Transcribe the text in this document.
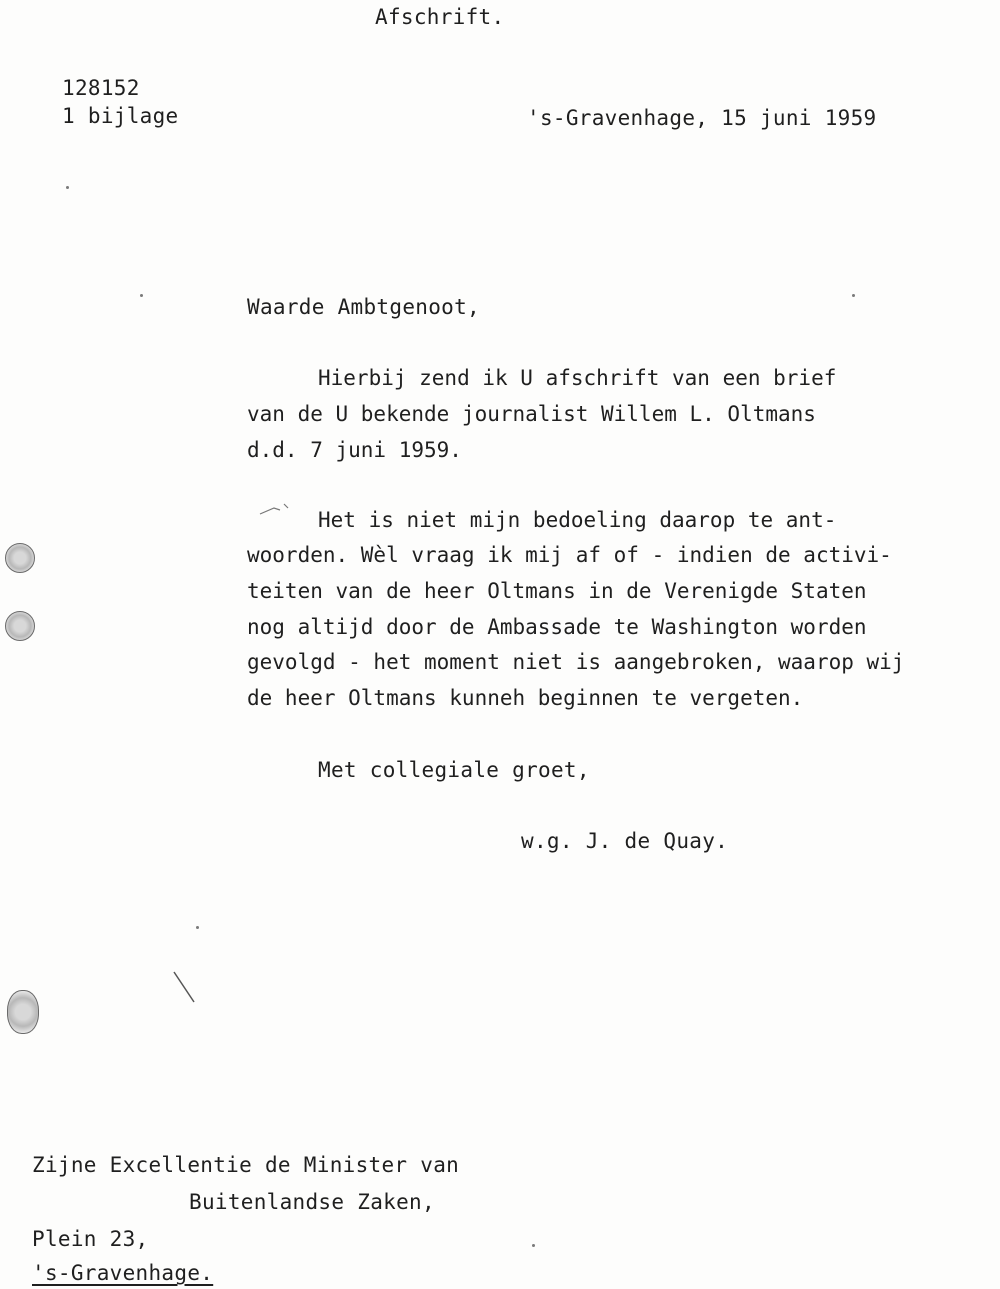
Afschrift.
128152
1 bijlage	's-Gravenhage, 15 juni 1959
Waarde Ambtgenoot,
Hierbij zend ik U afschrift van een brief
van de U bekende journalist Willem L. Oltmans
d.d. 7 juni 1959.
Het is niet mijn bedoeling daarop te ant-
woorden. Wèl vraag ik mij af of - indien de activi-
teiten van de heer Oltmans in de Verenigde Staten
nog altijd door de Ambassade te Washington worden
gevolgd - het moment niet is aangebroken, waarop wij
de heer Oltmans kunneh beginnen te vergeten.
Met collegiale groet,
w.g. J. de Quay.
Zijne Excellentie de Minister van
Buitenlandse Zaken,
Plein 23,
's-Gravenhage.
